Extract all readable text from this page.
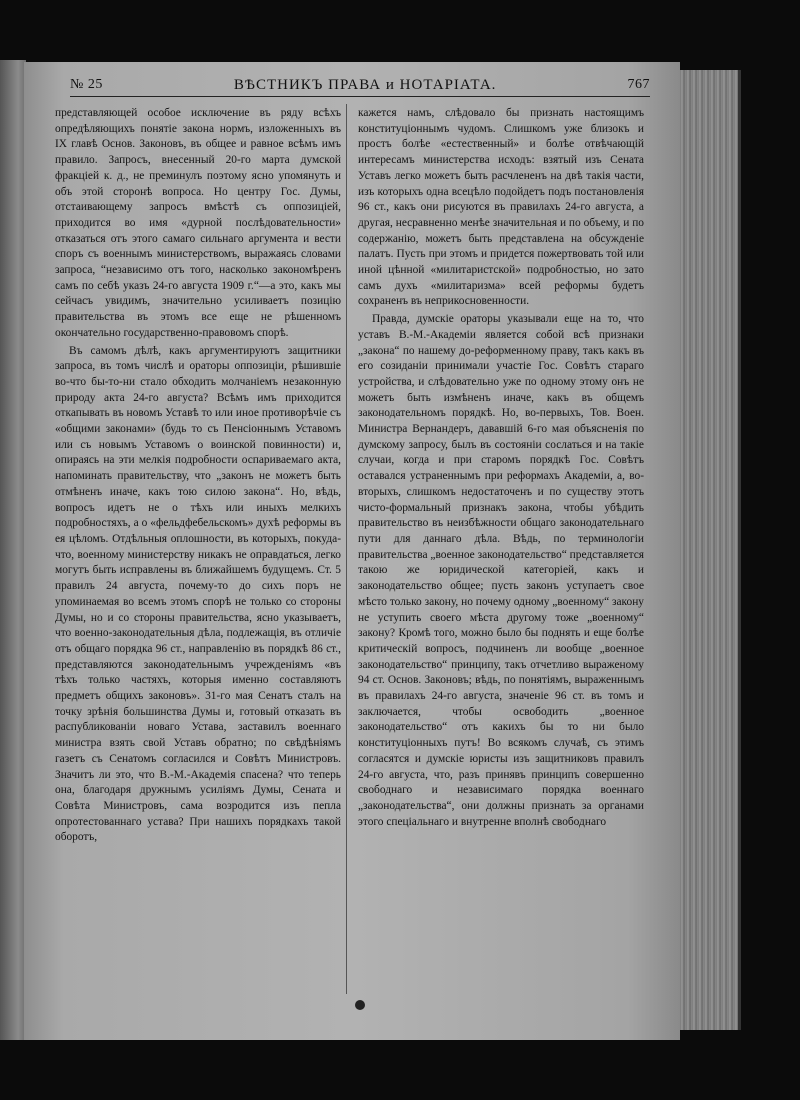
№ 25	ВѢСТНИКЪ ПРАВА и НОТАРІАТА.	767

представляющей особое исключение въ ряду всѣхъ опредѣляющихъ понятіе закона нормъ, изложенныхъ въ IX главѣ Основ. Законовъ, въ общее и равное всѣмъ имъ правило. Запросъ, внесенный 20-го марта думской фракціей к. д., не преминулъ поэтому ясно упомянуть и объ этой сторонѣ вопроса. Но центру Гос. Думы, отстаивающему запросъ вмѣстѣ съ оппозиціей, приходится во имя «дурной послѣдовательности» отказаться отъ этого самаго сильнаго аргумента и вести споръ съ военнымъ министерствомъ, выражаясь словами запроса, “независимо отъ того, насколько закономѣренъ самъ по себѣ указъ 24-го августа 1909 г.“—а это, какъ мы сейчасъ увидимъ, значительно усиливаетъ позицію правительства въ этомъ все еще не рѣшенномъ окончательно государственно-правовомъ спорѣ.

Въ самомъ дѣлѣ, какъ аргументируютъ защитники запроса, въ томъ числѣ и ораторы оппозиціи, рѣшившіе во-что бы-то-ни стало обходить молчаніемъ незаконную природу акта 24-го августа? Всѣмъ имъ приходится откапывать въ новомъ Уставѣ то или иное противорѣчіе съ «общими законами» (будь то съ Пенсіоннымъ Уставомъ или съ новымъ Уставомъ о воинской повинности) и, опираясь на эти мелкія подробности оспариваемаго акта, напоминать правительству, что „законъ не можетъ быть отмѣненъ иначе, какъ тою силою закона“. Но, вѣдь, вопросъ идетъ не о тѣхъ или иныхъ мелкихъ подробностяхъ, а о «фельдфебельскомъ» духѣ реформы въ ея цѣломъ. Отдѣльныя оплошности, въ которыхъ, покуда-что, военному министерству никакъ не оправдаться, легко могутъ быть исправлены въ ближайшемъ будущемъ. Ст. 5 правилъ 24 августа, почему-то до сихъ поръ не упоминаемая во всемъ этомъ спорѣ не только со стороны Думы, но и со стороны правительства, ясно указываетъ, что военно-законодательныя дѣла, подлежащія, въ отличіе отъ общаго порядка 96 ст., направленію въ порядкѣ 86 ст., представляются законодательнымъ учрежденіямъ «въ тѣхъ только частяхъ, которыя именно составляютъ предметъ общихъ законовъ». 31-го мая Сенатъ сталъ на точку зрѣнія большинства Думы и, готовый отказать въ распубликованіи новаго Устава, заставилъ военнаго министра взять свой Уставъ обратно; по свѣдѣніямъ газетъ съ Сенатомъ согласился и Совѣтъ Министровъ. Значитъ ли это, что В.-М.-Академія спасена? что теперь она, благодаря дружнымъ усиліямъ Думы, Сената и Совѣта Министровъ, сама возродится изъ пепла опротестованнаго устава? При нашихъ порядкахъ такой оборотъ,

кажется намъ, слѣдовало бы признать настоящимъ конституціоннымъ чудомъ. Слишкомъ уже близокъ и простъ болѣе «естественный» и болѣе отвѣчающій интересамъ министерства исходъ: взятый изъ Сената Уставъ легко можетъ быть расчлененъ на двѣ такія части, изъ которыхъ одна всецѣло подойдетъ подъ постановленія 96 ст., какъ они рисуются въ правилахъ 24-го августа, а другая, несравненно менѣе значительная и по объему, и по содержанію, можетъ быть представлена на обсужденіе палатъ. Пусть при этомъ и придется пожертвовать той или иной цѣнной «милитаристской» подробностью, но зато самъ духъ «милитаризма» всей реформы будетъ сохраненъ въ неприкосновенности.

Правда, думскіе ораторы указывали еще на то, что уставъ В.-М.-Академіи является собой всѣ признаки „закона“ по нашему до-реформенному праву, такъ какъ въ его созиданіи принимали участіе Гос. Совѣтъ стараго устройства, и слѣдовательно уже по одному этому онъ не можетъ быть измѣненъ иначе, какъ въ общемъ законодательномъ порядкѣ. Но, во-первыхъ, Тов. Воен. Министра Вернандеръ, дававшій 6-го мая объясненія по думскому запросу, былъ въ состояніи сослаться и на такіе случаи, когда и при старомъ порядкѣ Гос. Совѣтъ оставался устраненнымъ при реформахъ Академіи, а, во-вторыхъ, слишкомъ недостаточенъ и по существу этотъ чисто-формальный признакъ закона, чтобы убѣдить правительство въ неизбѣжности общаго законодательнаго пути для даннаго дѣла. Вѣдь, по терминологіи правительства „военное законодательство“ представляется такою же юридической категоріей, какъ и законодательство общее; пусть законъ уступаетъ свое мѣсто только закону, но почему одному „военному“ закону не уступить своего мѣста другому тоже „военному“ закону? Кромѣ того, можно было бы поднять и еще болѣе критическій вопросъ, подчиненъ ли вообще „военное законодательство“ принципу, такъ отчетливо выраженому 94 ст. Основ. Законовъ; вѣдь, по понятіямъ, выраженнымъ въ правилахъ 24-го августа, значеніе 96 ст. въ томъ и заключается, чтобы освободить „военное законодательство“ отъ какихъ бы то ни было конституціонныхъ путъ! Во всякомъ случаѣ, съ этимъ согласятся и думскіе юристы изъ защитниковъ правилъ 24-го августа, что, разъ принявъ принципъ совершенно свободнаго и независимаго порядка военнаго „законодательства“, они должны признать за органами этого спеціальнаго и внутренне вполнѣ свободнаго
